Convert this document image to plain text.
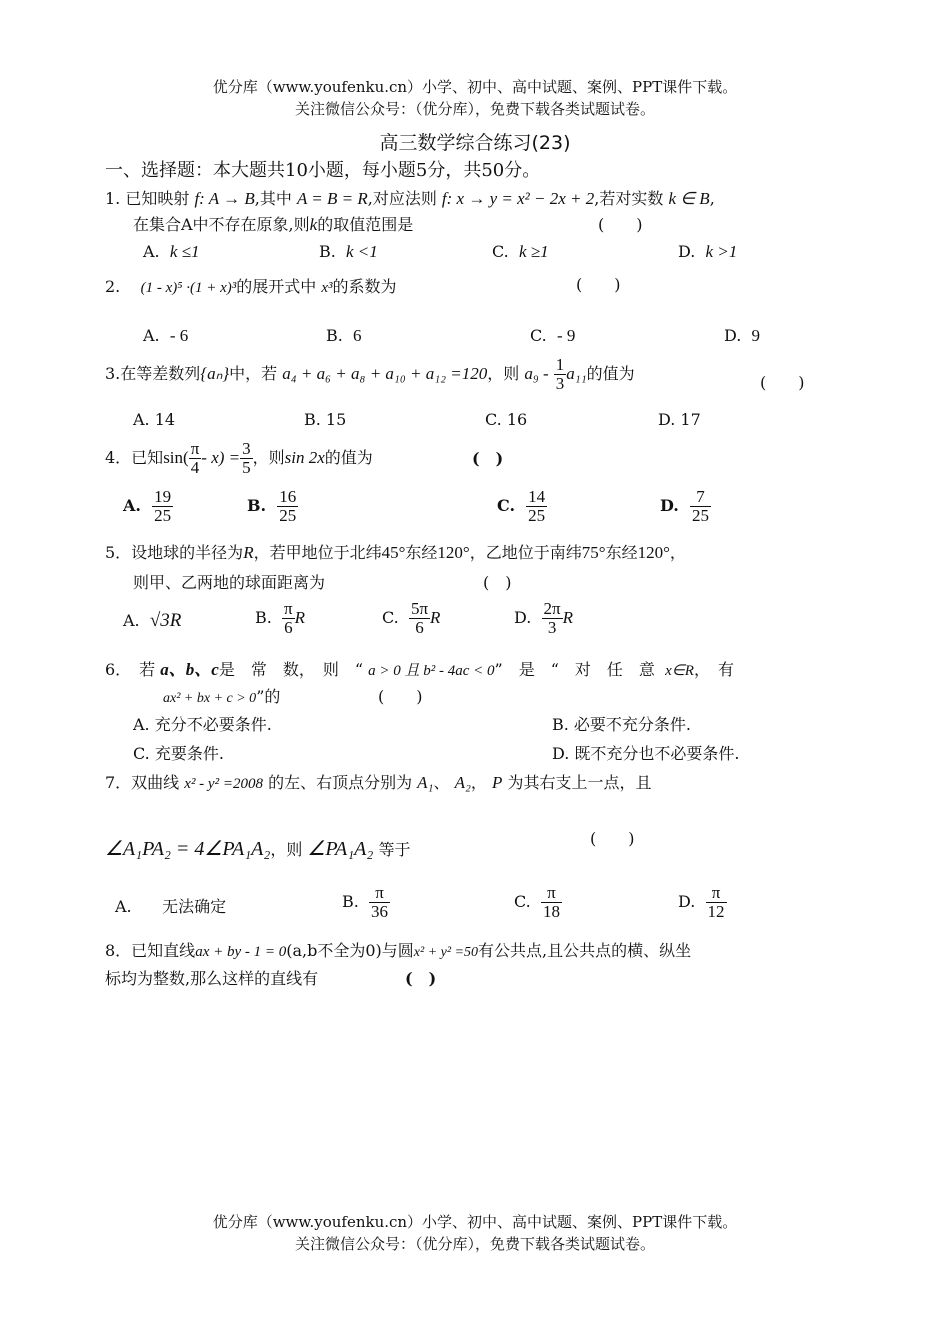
优分库（www.youfenku.cn）小学、初中、高中试题、案例、PPT课件下载。
关注微信公众号：（优分库），免费下载各类试题试卷。
高三数学综合练习(23)
一、选择题：本大题共10小题，每小题5分，共50分。
1. 已知映射 f: A → B,其中 A = B = R,对应法则 f: x → y = x² − 2x + 2,若对实数 k ∈ B,
在集合A中不存在原象,则k的取值范围是	(　　)
A. k ≤1	B. k <1	C. k ≥1	D. k >1
2. (1 - x)⁵ ·(1 + x)³的展开式中 x³的系数为	(　　)
A. - 6	B. 6	C. - 9	D. 9
3.在等差数列{aₙ}中，若 a₄ + a₆ + a₈ + a₁₀ + a₁₂ =120，则 $a_9 - \frac{1}{3} a_{11}$的值为	(　　)
A. 14	B. 15	C. 16	D. 17
4．已知$\sin( \frac{\pi}{4} - x) = \frac{3}{5}$ ，则sin 2x的值为	(　)
A. $\frac{19}{25}$	B. $\frac{16}{25}$	C. $\frac{14}{25}$	D. $\frac{7}{25}$
5．设地球的半径为R，若甲地位于北纬45°东经120°，乙地位于南纬75°东经120°，
则甲、乙两地的球面距离为	(　)
A. √3R	B. $\frac{\pi}{6}$ R	C. $\frac{5\pi}{6}$ R	D. $\frac{2\pi}{3}$ R
6．　若 a、b、c是　常　数，　则　“ a > 0 且 b² - 4ac < 0”　是　“　对　任　意 x∈R，　有
ax² + bx + c > 0”的	(　　)
A. 充分不必要条件.	B. 必要不充分条件.
C. 充要条件.	D. 既不充分也不必要条件.
7．双曲线 x² - y² =2008 的左、右顶点分别为 A₁、 A₂， P 为其右支上一点，且
∠A₁PA₂ = 4∠PA₁A₂，则 ∠PA₁A₂ 等于
(　　)
A. 无法确定	B. $\frac{\pi}{36}$	C. $\frac{\pi}{18}$	D. $\frac{\pi}{12}$
8．已知直线ax + by - 1 = 0(a,b不全为0)与圆x² + y² =50有公共点,且公共点的横、纵坐
标均为整数,那么这样的直线有	(　)
优分库（www.youfenku.cn）小学、初中、高中试题、案例、PPT课件下载。
关注微信公众号：（优分库），免费下载各类试题试卷。
